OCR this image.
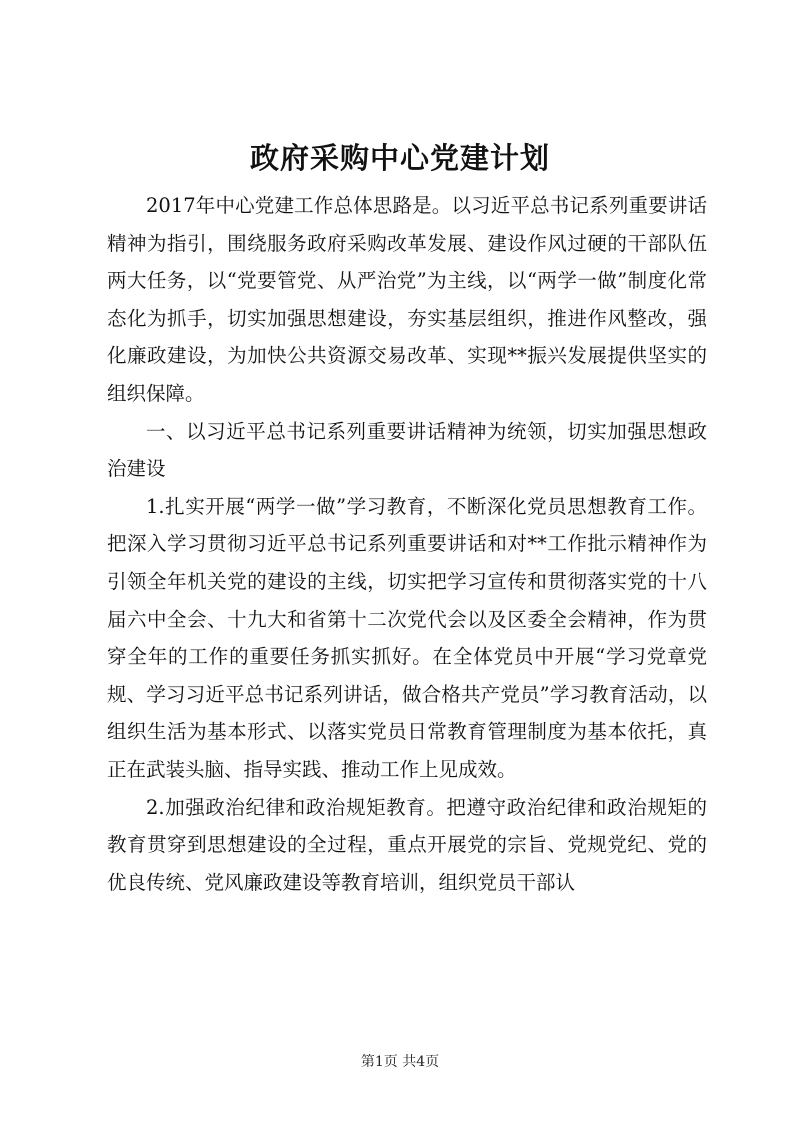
政府采购中心党建计划

2017年中心党建工作总体思路是。以习近平总书记系列重要讲话精神为指引，围绕服务政府采购改革发展、建设作风过硬的干部队伍两大任务，以“党要管党、从严治党”为主线，以“两学一做”制度化常态化为抓手，切实加强思想建设，夯实基层组织，推进作风整改，强化廉政建设，为加快公共资源交易改革、实现**振兴发展提供坚实的组织保障。

一、以习近平总书记系列重要讲话精神为统领，切实加强思想政治建设

1.扎实开展“两学一做”学习教育，不断深化党员思想教育工作。把深入学习贯彻习近平总书记系列重要讲话和对**工作批示精神作为引领全年机关党的建设的主线，切实把学习宣传和贯彻落实党的十八届六中全会、十九大和省第十二次党代会以及区委全会精神，作为贯穿全年的工作的重要任务抓实抓好。在全体党员中开展“学习党章党规、学习习近平总书记系列讲话，做合格共产党员”学习教育活动，以组织生活为基本形式、以落实党员日常教育管理制度为基本依托，真正在武装头脑、指导实践、推动工作上见成效。

2.加强政治纪律和政治规矩教育。把遵守政治纪律和政治规矩的教育贯穿到思想建设的全过程，重点开展党的宗旨、党规党纪、党的优良传统、党风廉政建设等教育培训，组织党员干部认

第1页 共4页
